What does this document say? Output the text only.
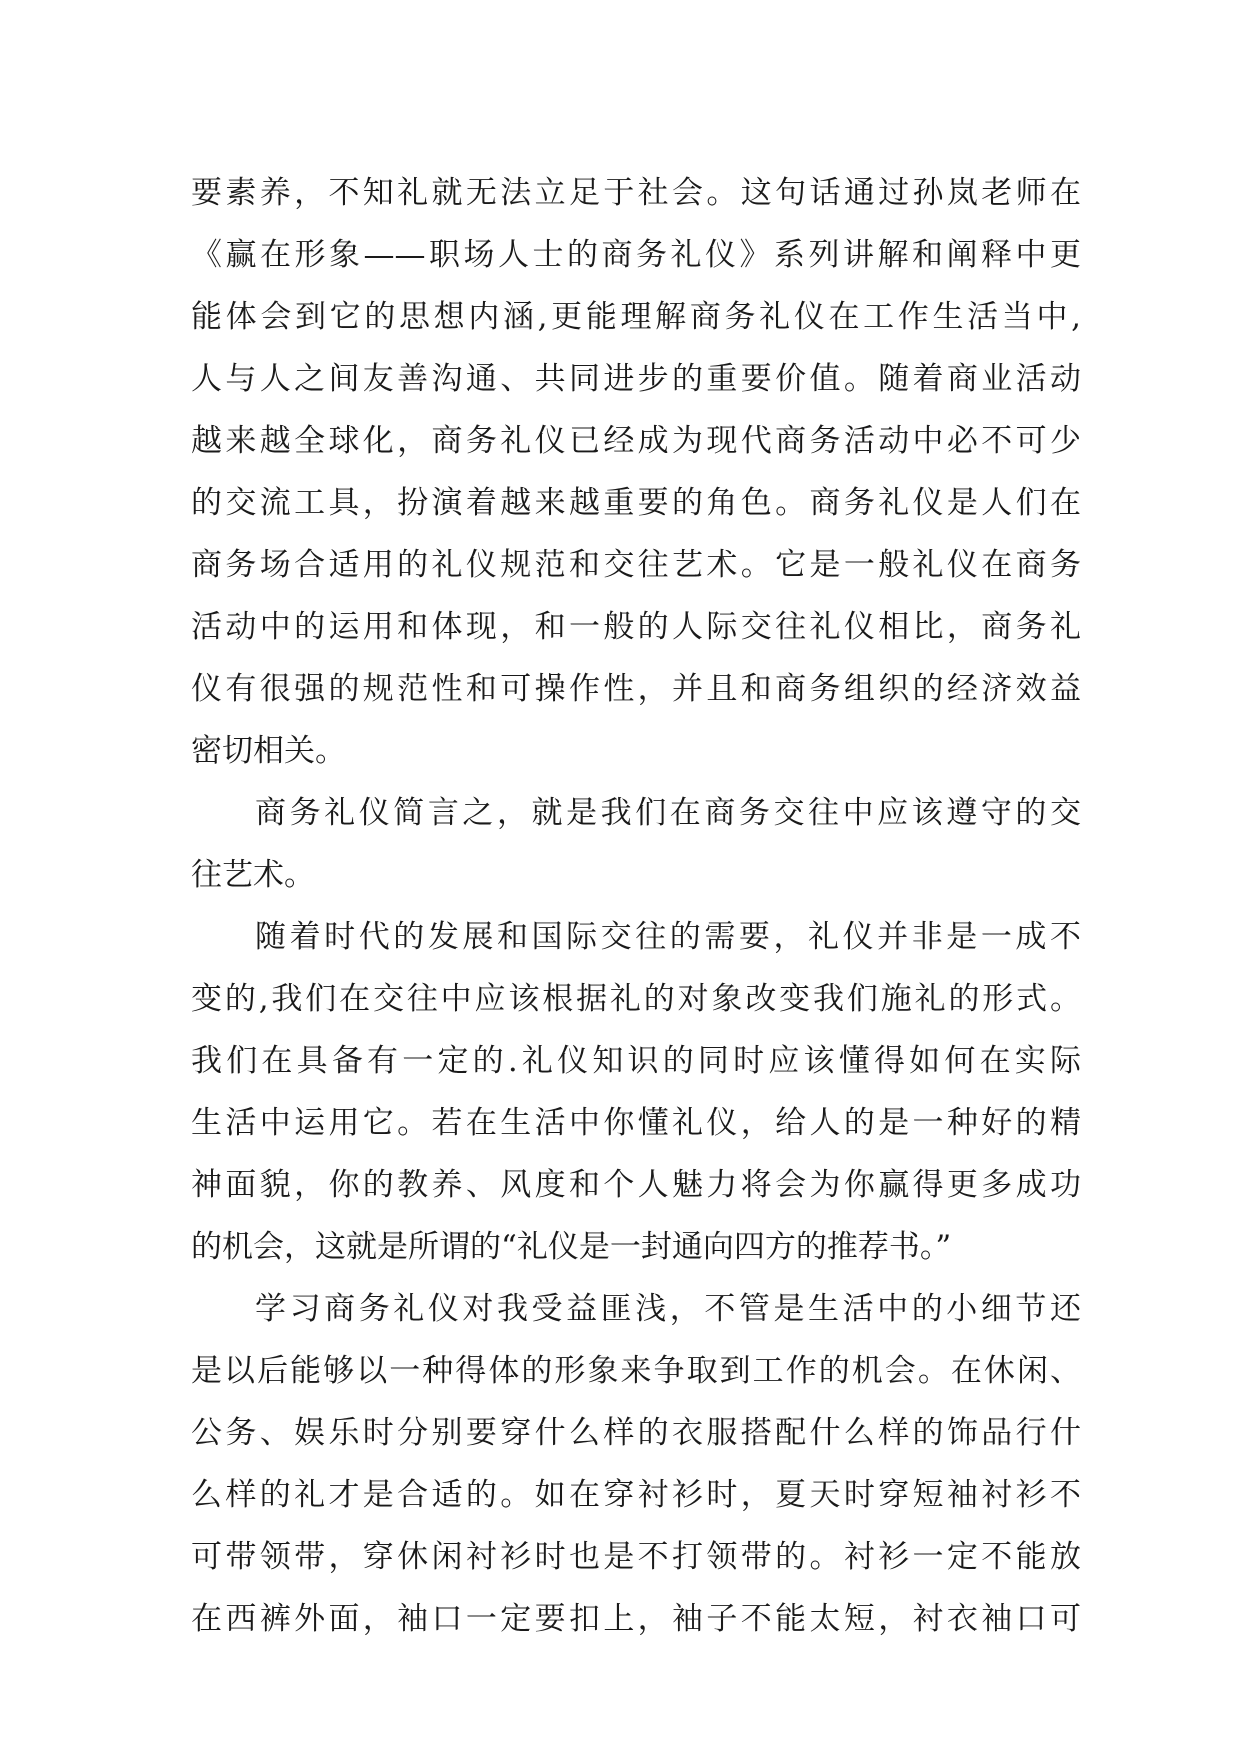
要素养，不知礼就无法立足于社会。这句话通过孙岚老师在
《赢在形象——职场人士的商务礼仪》系列讲解和阐释中更
能体会到它的思想内涵,更能理解商务礼仪在工作生活当中,
人与人之间友善沟通、共同进步的重要价值。随着商业活动
越来越全球化，商务礼仪已经成为现代商务活动中必不可少
的交流工具，扮演着越来越重要的角色。商务礼仪是人们在
商务场合适用的礼仪规范和交往艺术。它是一般礼仪在商务
活动中的运用和体现，和一般的人际交往礼仪相比，商务礼
仪有很强的规范性和可操作性，并且和商务组织的经济效益
密切相关。
商务礼仪简言之，就是我们在商务交往中应该遵守的交
往艺术。
随着时代的发展和国际交往的需要，礼仪并非是一成不
变的,我们在交往中应该根据礼的对象改变我们施礼的形式。
我们在具备有一定的.礼仪知识的同时应该懂得如何在实际
生活中运用它。若在生活中你懂礼仪，给人的是一种好的精
神面貌，你的教养、风度和个人魅力将会为你赢得更多成功
的机会，这就是所谓的“礼仪是一封通向四方的推荐书。”
学习商务礼仪对我受益匪浅，不管是生活中的小细节还
是以后能够以一种得体的形象来争取到工作的机会。在休闲、
公务、娱乐时分别要穿什么样的衣服搭配什么样的饰品行什
么样的礼才是合适的。如在穿衬衫时，夏天时穿短袖衬衫不
可带领带，穿休闲衬衫时也是不打领带的。衬衫一定不能放
在西裤外面，袖口一定要扣上，袖子不能太短，衬衣袖口可
